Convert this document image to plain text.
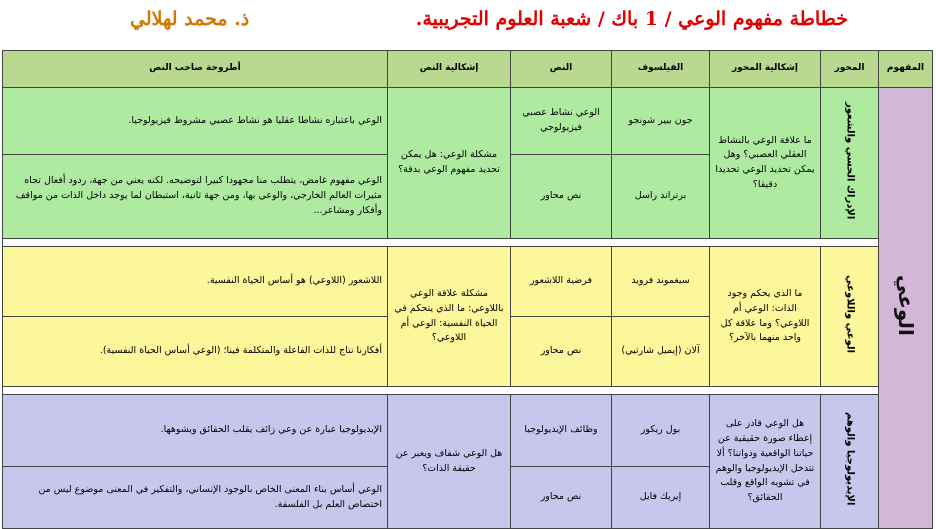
خطاطة مفهوم الوعي / 1 باك / شعبة العلوم التجريبية.
ذ. محمد لهلالي
المفهوم	المحور	إشكالية المحور	الفيلسوف	النص	إشكالية النص	أطروحة صاحب النص
الوعي	الإدراك الحسي والشعور	ما علاقة الوعي بالنشاط العقلي العصبي؟ وهل يمكن تحديد الوعي تحديدا دقيقا؟	جون بيير شونجو	الوعي نشاط عصبي فيزيولوجي	مشكلة الوعي: هل يمكن تحديد مفهوم الوعي بدقة؟	الوعي باعتباره نشاطا عقليا هو نشاط عصبي مشروط فيزيولوجيا.
			برتراند راسل	نص محاور		الوعي مفهوم غامض، يتطلب منا مجهودا كبيرا لتوضيحه. لكنه يعني من جهة، ردود أفعال تجاه مثيرات العالم الخارجي، والوعي بها، ومن جهة ثانية، استبطان لما يوجد داخل الذات من مواقف وأفكار ومشاعر...

	الوعي واللاوعي	ما الذي يحكم وجود الذات: الوعي أم اللاوعي؟ وما علاقة كل واحد منهما بالآخر؟	سيغموند فرويد	فرضية اللاشعور	مشكلة علاقة الوعي باللاوعي: ما الذي يتحكم في الحياة النفسية: الوعي أم اللاوعي؟	اللاشعور (اللاوعي) هو أساس الحياة النفسية.
			آلان (إيميل شارتيي)	نص محاور		أفكارنا نتاج للذات الفاعلة والمتكلمة فينا؛ (الوعي أساس الحياة النفسية).

	الإيديولوجيا والوهم	هل الوعي قادر على إعطاء صورة حقيقية عن حياتنا الواقعية وذواتنا؟ ألا تتدخل الإيديولوجيا والوهم في تشويه الواقع وقلب الحقائق؟	بول ريكور	وظائف الإيديولوجيا	هل الوعي شفاف ويعبر عن حقيقة الذات؟	الإيديولوجيا عبارة عن وعي زائف يقلب الحقائق ويشوهها.
			إيريك فايل	نص محاور		الوعي أساس بناء المعنى الخاص بالوجود الإنساني، والتفكير في المعنى موضوع ليس من اختصاص العلم بل الفلسفة.
